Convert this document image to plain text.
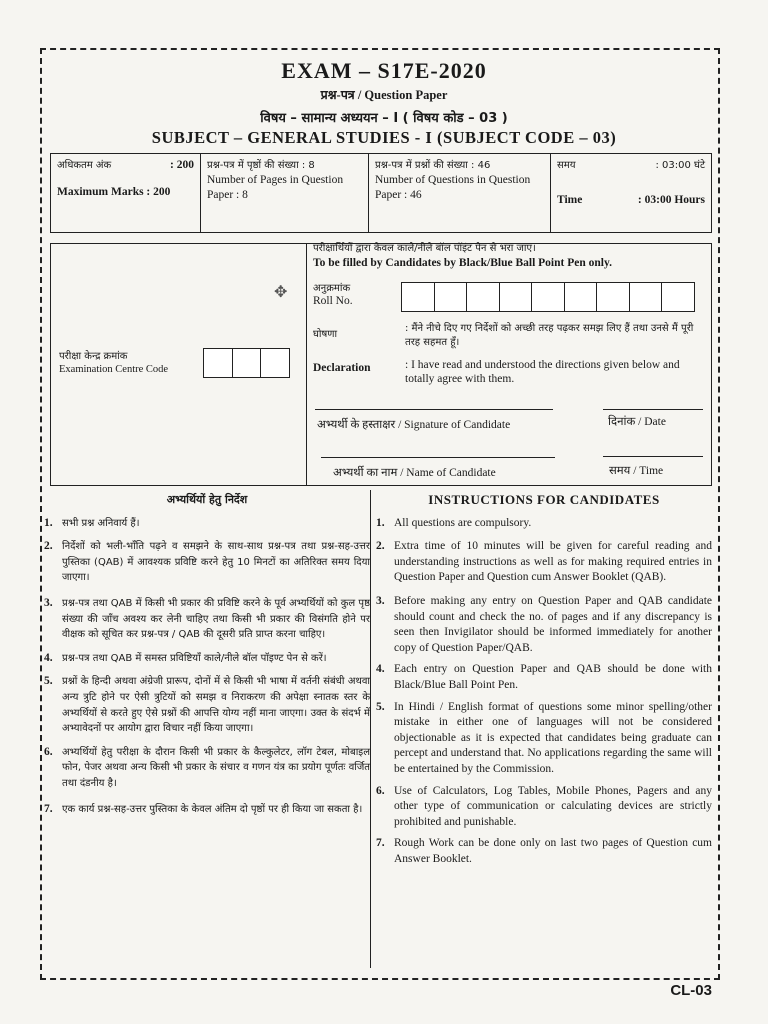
EXAM – S17E-2020
प्रश्न-पत्र / Question Paper
विषय – सामान्य अध्ययन – I ( विषय कोड – 03 )
SUBJECT – GENERAL STUDIES - I (SUBJECT CODE – 03)
अधिकतम अंक	: 200
Maximum Marks : 200
प्रश्न-पत्र में पृष्ठों की संख्या : 8
Number of Pages in Question Paper : 8
प्रश्न-पत्र में प्रश्नों की संख्या : 46
Number of Questions in Question Paper : 46
समय	: 03:00 घंटे
Time	: 03:00 Hours
✥
परीक्षा केन्द्र क्रमांक
Examination Centre Code
परीक्षार्थियों द्वारा केवल काले/नीले बॉल पॉइंट पेन से भरा जाए।
To be filled by Candidates by Black/Blue Ball Point Pen only.
अनुक्रमांक
Roll No.
घोषणा
: मैंने नीचे दिए गए निर्देशों को अच्छी तरह पढ़कर समझ लिए हैं तथा उनसे मैं पूरी तरह सहमत हूँ।
Declaration	: I have read and understood the directions given below and totally agree with them.
अभ्यर्थी के हस्ताक्षर / Signature of Candidate	दिनांक / Date
अभ्यर्थी का नाम / Name of Candidate	समय / Time
अभ्यर्थियों हेतु निर्देश
1. सभी प्रश्न अनिवार्य हैं।
2. निर्देशों को भली-भाँति पढ़ने व समझने के साथ-साथ प्रश्न-पत्र तथा प्रश्न-सह-उत्तर पुस्तिका (QAB) में आवश्यक प्रविष्टि करने हेतु 10 मिनटों का अतिरिक्त समय दिया जाएगा।
3. प्रश्न-पत्र तथा QAB में किसी भी प्रकार की प्रविष्टि करने के पूर्व अभ्यर्थियों को कुल पृष्ठ संख्या की जाँच अवश्य कर लेनी चाहिए तथा किसी भी प्रकार की विसंगति होने पर वीक्षक को सूचित कर प्रश्न-पत्र / QAB की दूसरी प्रति प्राप्त करना चाहिए।
4. प्रश्न-पत्र तथा QAB में समस्त प्रविष्टियाँ काले/नीले बॉल पॉइण्ट पेन से करें।
5. प्रश्नों के हिन्दी अथवा अंग्रेजी प्रारूप, दोनों में से किसी भी भाषा में वर्तनी संबंधी अथवा अन्य त्रुटि होने पर ऐसी त्रुटियों को समझ व निराकरण की अपेक्षा स्नातक स्तर के अभ्यर्थियों से करते हुए ऐसे प्रश्नों की आपत्ति योग्य नहीं माना जाएगा। उक्त के संदर्भ में अभ्यावेदनों पर आयोग द्वारा विचार नहीं किया जाएगा।
6. अभ्यर्थियों हेतु परीक्षा के दौरान किसी भी प्रकार के कैल्कुलेटर, लॉग टेबल, मोबाइल फोन, पेजर अथवा अन्य किसी भी प्रकार के संचार व गणन यंत्र का प्रयोग पूर्णतः वर्जित तथा दंडनीय है।
7. एक कार्य प्रश्न-सह-उत्तर पुस्तिका के केवल अंतिम दो पृष्ठों पर ही किया जा सकता है।
INSTRUCTIONS FOR CANDIDATES
1. All questions are compulsory.
2. Extra time of 10 minutes will be given for careful reading and understanding instructions as well as for making required entries in Question Paper and Question cum Answer Booklet (QAB).
3. Before making any entry on Question Paper and QAB candidate should count and check the no. of pages and if any discrepancy is seen then Invigilator should be informed immediately for another copy of Question Paper/QAB.
4. Each entry on Question Paper and QAB should be done with Black/Blue Ball Point Pen.
5. In Hindi / English format of questions some minor spelling/other mistake in either one of languages will not be considered objectionable as it is expected that candidates being graduate can percept and understand that. No applications regarding the same will be entertained by the Commission.
6. Use of Calculators, Log Tables, Mobile Phones, Pagers and any other type of communication or calculating devices are strictly prohibited and punishable.
7. Rough Work can be done only on last two pages of Question cum Answer Booklet.
CL-03
